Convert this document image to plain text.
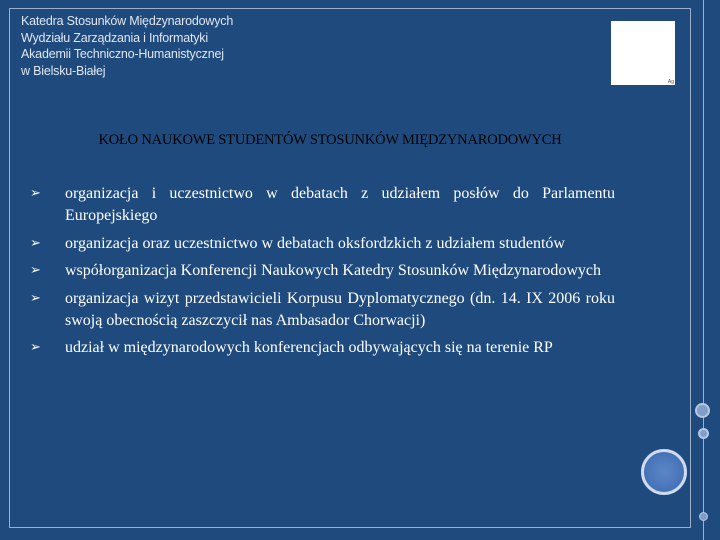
Katedra Stosunków Międzynarodowych
Wydziału Zarządzania i Informatyki
Akademii Techniczno-Humanistycznej
w Bielsku-Białej
Ag
KOŁO NAUKOWE STUDENTÓW STOSUNKÓW MIĘDZYNARODOWYCH
➢ organizacja i uczestnictwo w debatach z udziałem posłów do Parlamentu Europejskiego
➢ organizacja oraz uczestnictwo w debatach oksfordzkich z udziałem studentów
➢ współorganizacja Konferencji Naukowych Katedry Stosunków Międzynarodowych
➢ organizacja wizyt przedstawicieli Korpusu Dyplomatycznego (dn. 14. IX 2006 roku swoją obecnością zaszczycił nas Ambasador Chorwacji)
➢ udział w międzynarodowych konferencjach odbywających się na terenie RP
